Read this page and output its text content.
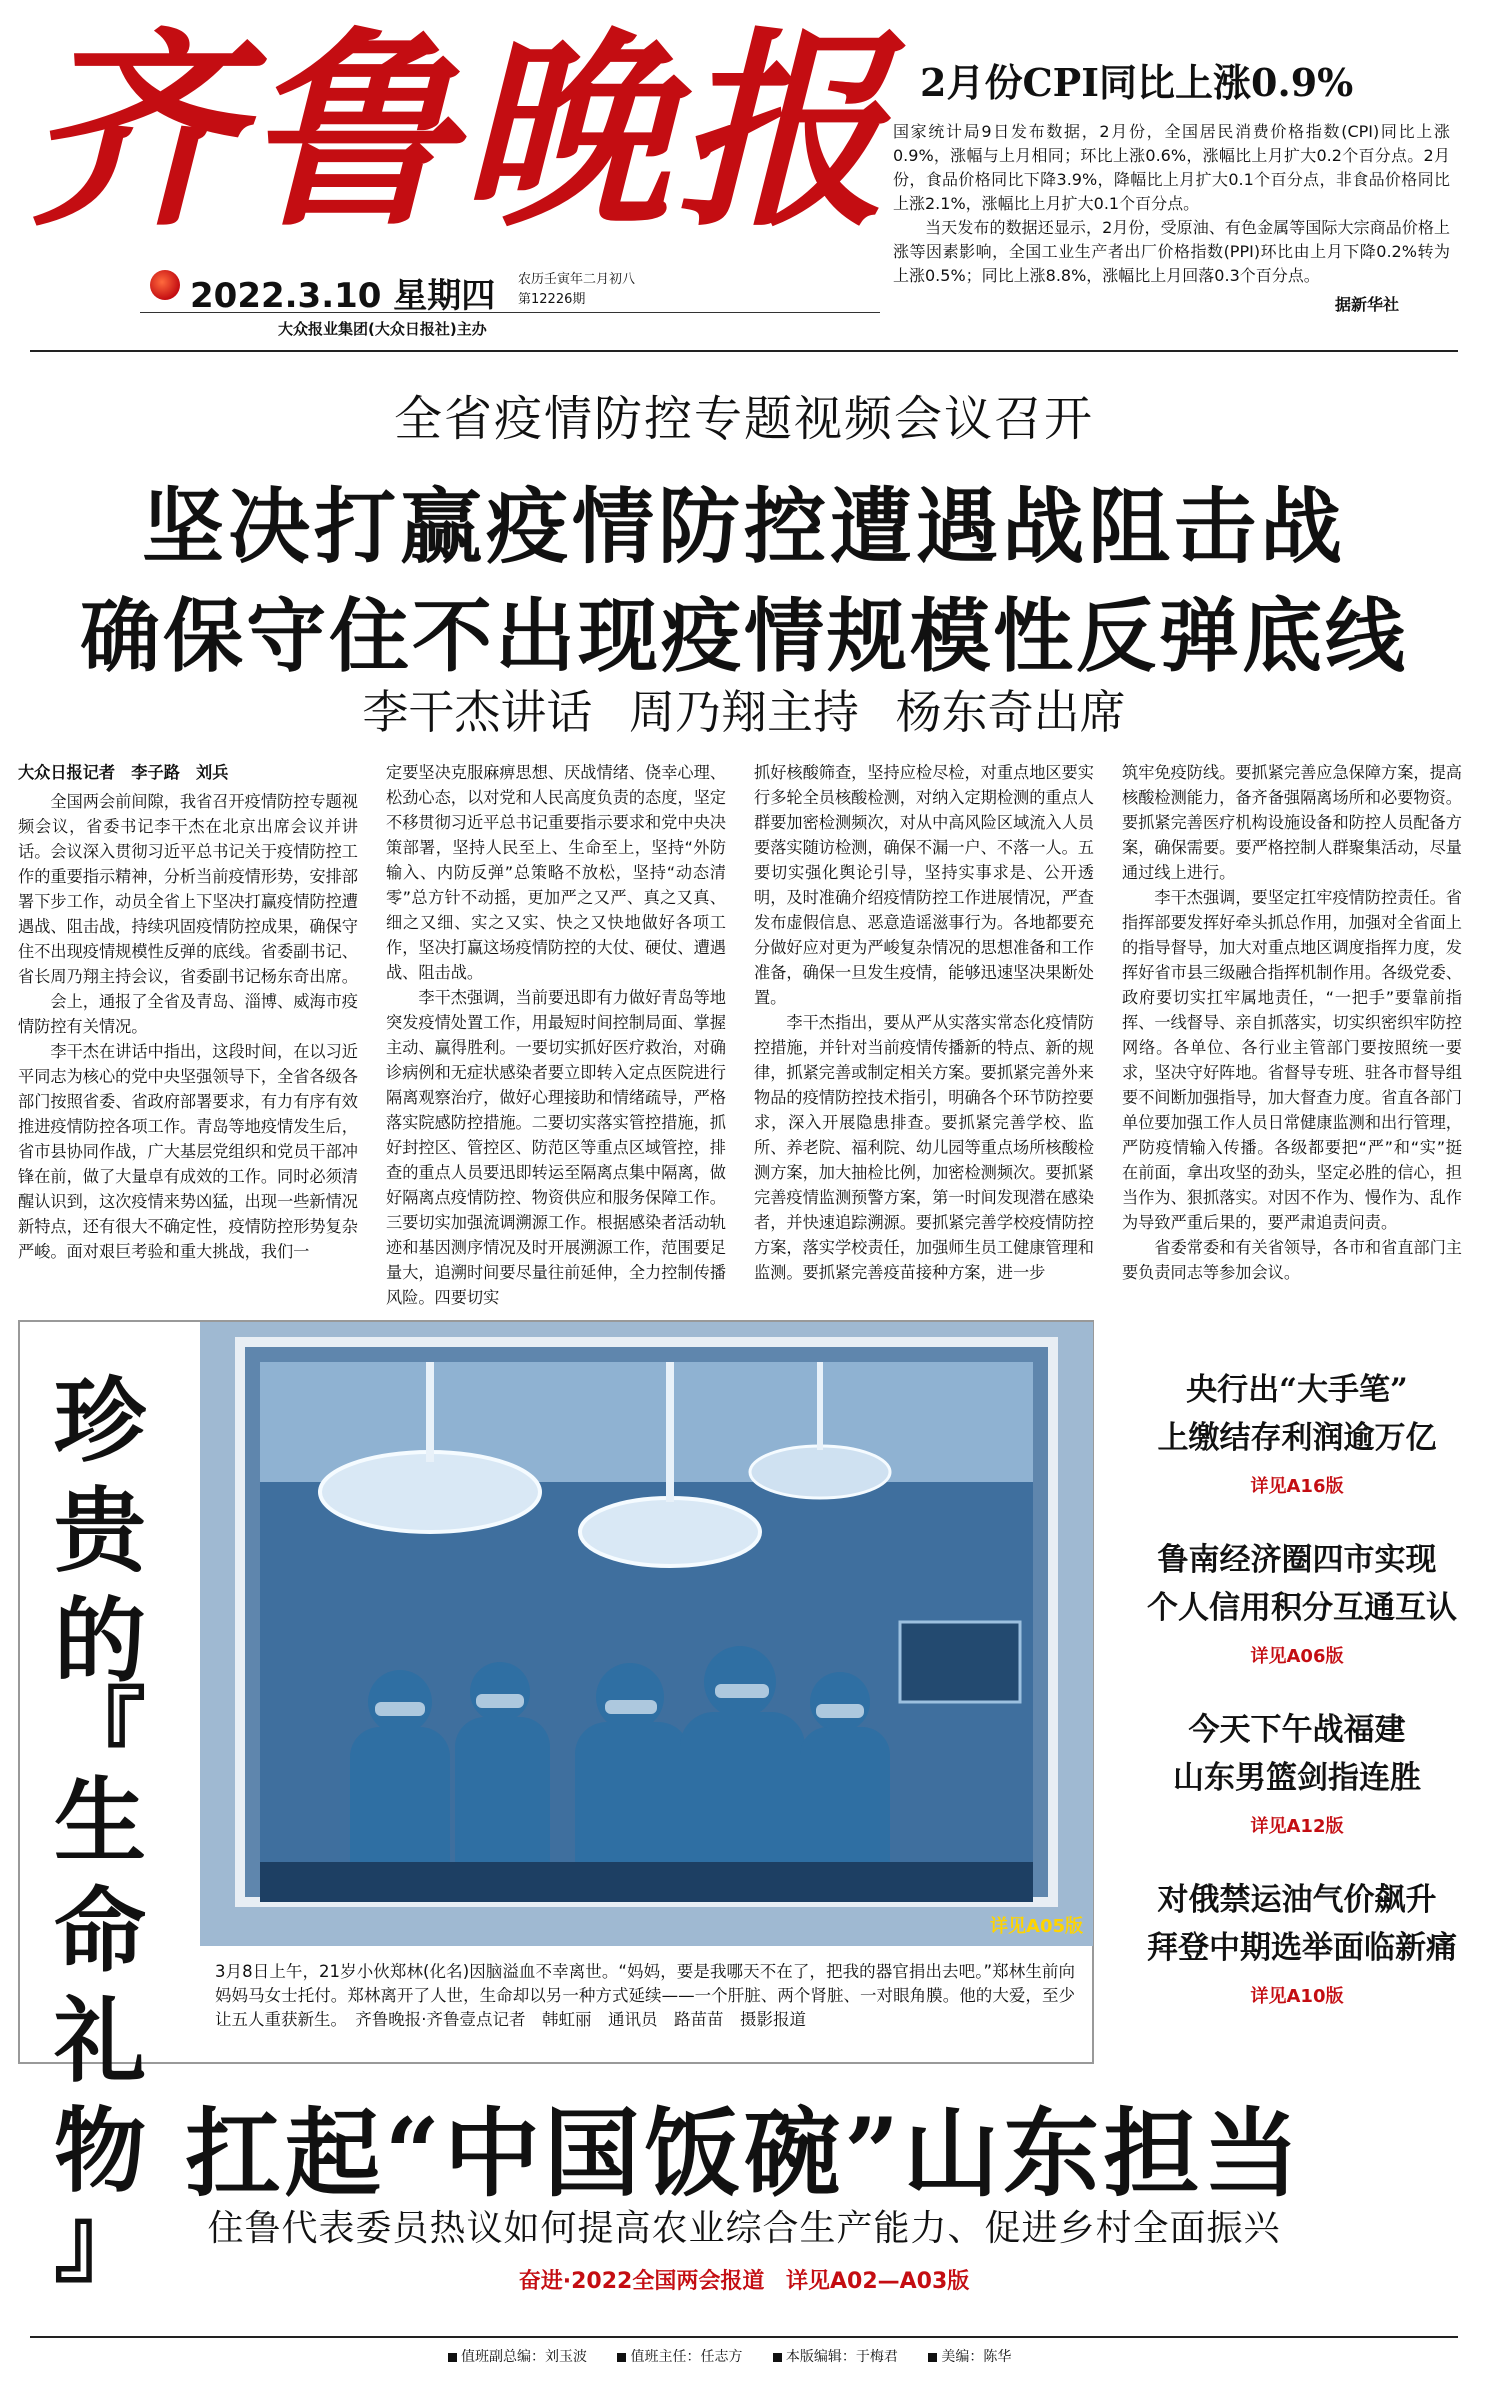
齐鲁晚报
2022.3.10 星期四 农历壬寅年二月初八
第12226期
大众报业集团(大众日报社)主办
2月份CPI同比上涨0.9%
国家统计局9日发布数据，2月份，全国居民消费价格指数(CPI)同比上涨0.9%，涨幅与上月相同；环比上涨0.6%，涨幅比上月扩大0.2个百分点。2月份，食品价格同比下降3.9%，降幅比上月扩大0.1个百分点，非食品价格同比上涨2.1%，涨幅比上月扩大0.1个百分点。
　　当天发布的数据还显示，2月份，受原油、有色金属等国际大宗商品价格上涨等因素影响，全国工业生产者出厂价格指数(PPI)环比由上月下降0.2%转为上涨0.5%；同比上涨8.8%，涨幅比上月回落0.3个百分点。
据新华社
全省疫情防控专题视频会议召开
坚决打赢疫情防控遭遇战阻击战
确保守住不出现疫情规模性反弹底线
李干杰讲话 周乃翔主持 杨东奇出席

大众日报记者　李子路　刘兵

全国两会前间隙，我省召开疫情防控专题视频会议，省委书记李干杰在北京出席会议并讲话。会议深入贯彻习近平总书记关于疫情防控工作的重要指示精神，分析当前疫情形势，安排部署下步工作，动员全省上下坚决打赢疫情防控遭遇战、阻击战，持续巩固疫情防控成果，确保守住不出现疫情规模性反弹的底线。省委副书记、省长周乃翔主持会议，省委副书记杨东奇出席。

会上，通报了全省及青岛、淄博、威海市疫情防控有关情况。

李干杰在讲话中指出，这段时间，在以习近平同志为核心的党中央坚强领导下，全省各级各部门按照省委、省政府部署要求，有力有序有效推进疫情防控各项工作。青岛等地疫情发生后，省市县协同作战，广大基层党组织和党员干部冲锋在前，做了大量卓有成效的工作。同时必须清醒认识到，这次疫情来势凶猛，出现一些新情况新特点，还有很大不确定性，疫情防控形势复杂严峻。面对艰巨考验和重大挑战，我们一

定要坚决克服麻痹思想、厌战情绪、侥幸心理、松劲心态，以对党和人民高度负责的态度，坚定不移贯彻习近平总书记重要指示要求和党中央决策部署，坚持人民至上、生命至上，坚持“外防输入、内防反弹”总策略不放松，坚持“动态清零”总方针不动摇，更加严之又严、真之又真、细之又细、实之又实、快之又快地做好各项工作，坚决打赢这场疫情防控的大仗、硬仗、遭遇战、阻击战。

李干杰强调，当前要迅即有力做好青岛等地突发疫情处置工作，用最短时间控制局面、掌握主动、赢得胜利。一要切实抓好医疗救治，对确诊病例和无症状感染者要立即转入定点医院进行隔离观察治疗，做好心理接助和情绪疏导，严格落实院感防控措施。二要切实落实管控措施，抓好封控区、管控区、防范区等重点区域管控，排查的重点人员要迅即转运至隔离点集中隔离，做好隔离点疫情防控、物资供应和服务保障工作。三要切实加强流调溯源工作。根据感染者活动轨迹和基因测序情况及时开展溯源工作，范围要足量大，追溯时间要尽量往前延伸，全力控制传播风险。四要切实

抓好核酸筛查，坚持应检尽检，对重点地区要实行多轮全员核酸检测，对纳入定期检测的重点人群要加密检测频次，对从中高风险区域流入人员要落实随访检测，确保不漏一户、不落一人。五要切实强化舆论引导，坚持实事求是、公开透明，及时准确介绍疫情防控工作进展情况，严查发布虚假信息、恶意造谣滋事行为。各地都要充分做好应对更为严峻复杂情况的思想准备和工作准备，确保一旦发生疫情，能够迅速坚决果断处置。

李干杰指出，要从严从实落实常态化疫情防控措施，并针对当前疫情传播新的特点、新的规律，抓紧完善或制定相关方案。要抓紧完善外来物品的疫情防控技术指引，明确各个环节防控要求，深入开展隐患排查。要抓紧完善学校、监所、养老院、福利院、幼儿园等重点场所核酸检测方案，加大抽检比例，加密检测频次。要抓紧完善疫情监测预警方案，第一时间发现潜在感染者，并快速追踪溯源。要抓紧完善学校疫情防控方案，落实学校责任，加强师生员工健康管理和监测。要抓紧完善疫苗接种方案，进一步

筑牢免疫防线。要抓紧完善应急保障方案，提高核酸检测能力，备齐备强隔离场所和必要物资。要抓紧完善医疗机构设施设备和防控人员配备方案，确保需要。要严格控制人群聚集活动，尽量通过线上进行。

李干杰强调，要坚定扛牢疫情防控责任。省指挥部要发挥好牵头抓总作用，加强对全省面上的指导督导，加大对重点地区调度指挥力度，发挥好省市县三级融合指挥机制作用。各级党委、政府要切实扛牢属地责任，“一把手”要靠前指挥、一线督导、亲自抓落实，切实织密织牢防控网络。各单位、各行业主管部门要按照统一要求，坚决守好阵地。省督导专班、驻各市督导组要不间断加强指导，加大督查力度。省直各部门单位要加强工作人员日常健康监测和出行管理，严防疫情输入传播。各级都要把“严”和“实”挺在前面，拿出攻坚的劲头，坚定必胜的信心，担当作为、狠抓落实。对因不作为、慢作为、乱作为导致严重后果的，要严肃追责问责。

省委常委和有关省领导，各市和省直部门主要负责同志等参加会议。

珍
贵
的
『
生
命
礼
物
』
详见A05版
3月8日上午，21岁小伙郑林(化名)因脑溢血不幸离世。“妈妈，要是我哪天不在了，把我的器官捐出去吧。”郑林生前向妈妈马女士托付。郑林离开了人世，生命却以另一种方式延续——一个肝脏、两个肾脏、一对眼角膜。他的大爱，至少让五人重获新生。　齐鲁晚报·齐鲁壹点记者　韩虹丽　通讯员　路苗苗　摄影报道
央行出“大手笔”
上缴结存利润逾万亿
详见A16版
鲁南经济圈四市实现
个人信用积分互通互认
详见A06版
今天下午战福建
山东男篮剑指连胜
详见A12版
对俄禁运油气价飙升
拜登中期选举面临新痛
详见A10版
扛起“中国饭碗”山东担当
住鲁代表委员热议如何提高农业综合生产能力、促进乡村全面振兴
奋进·2022全国两会报道 详见A02—A03版
值班副总编：刘玉波	值班主任：任志方	本版编辑：于梅君	美编：陈华
